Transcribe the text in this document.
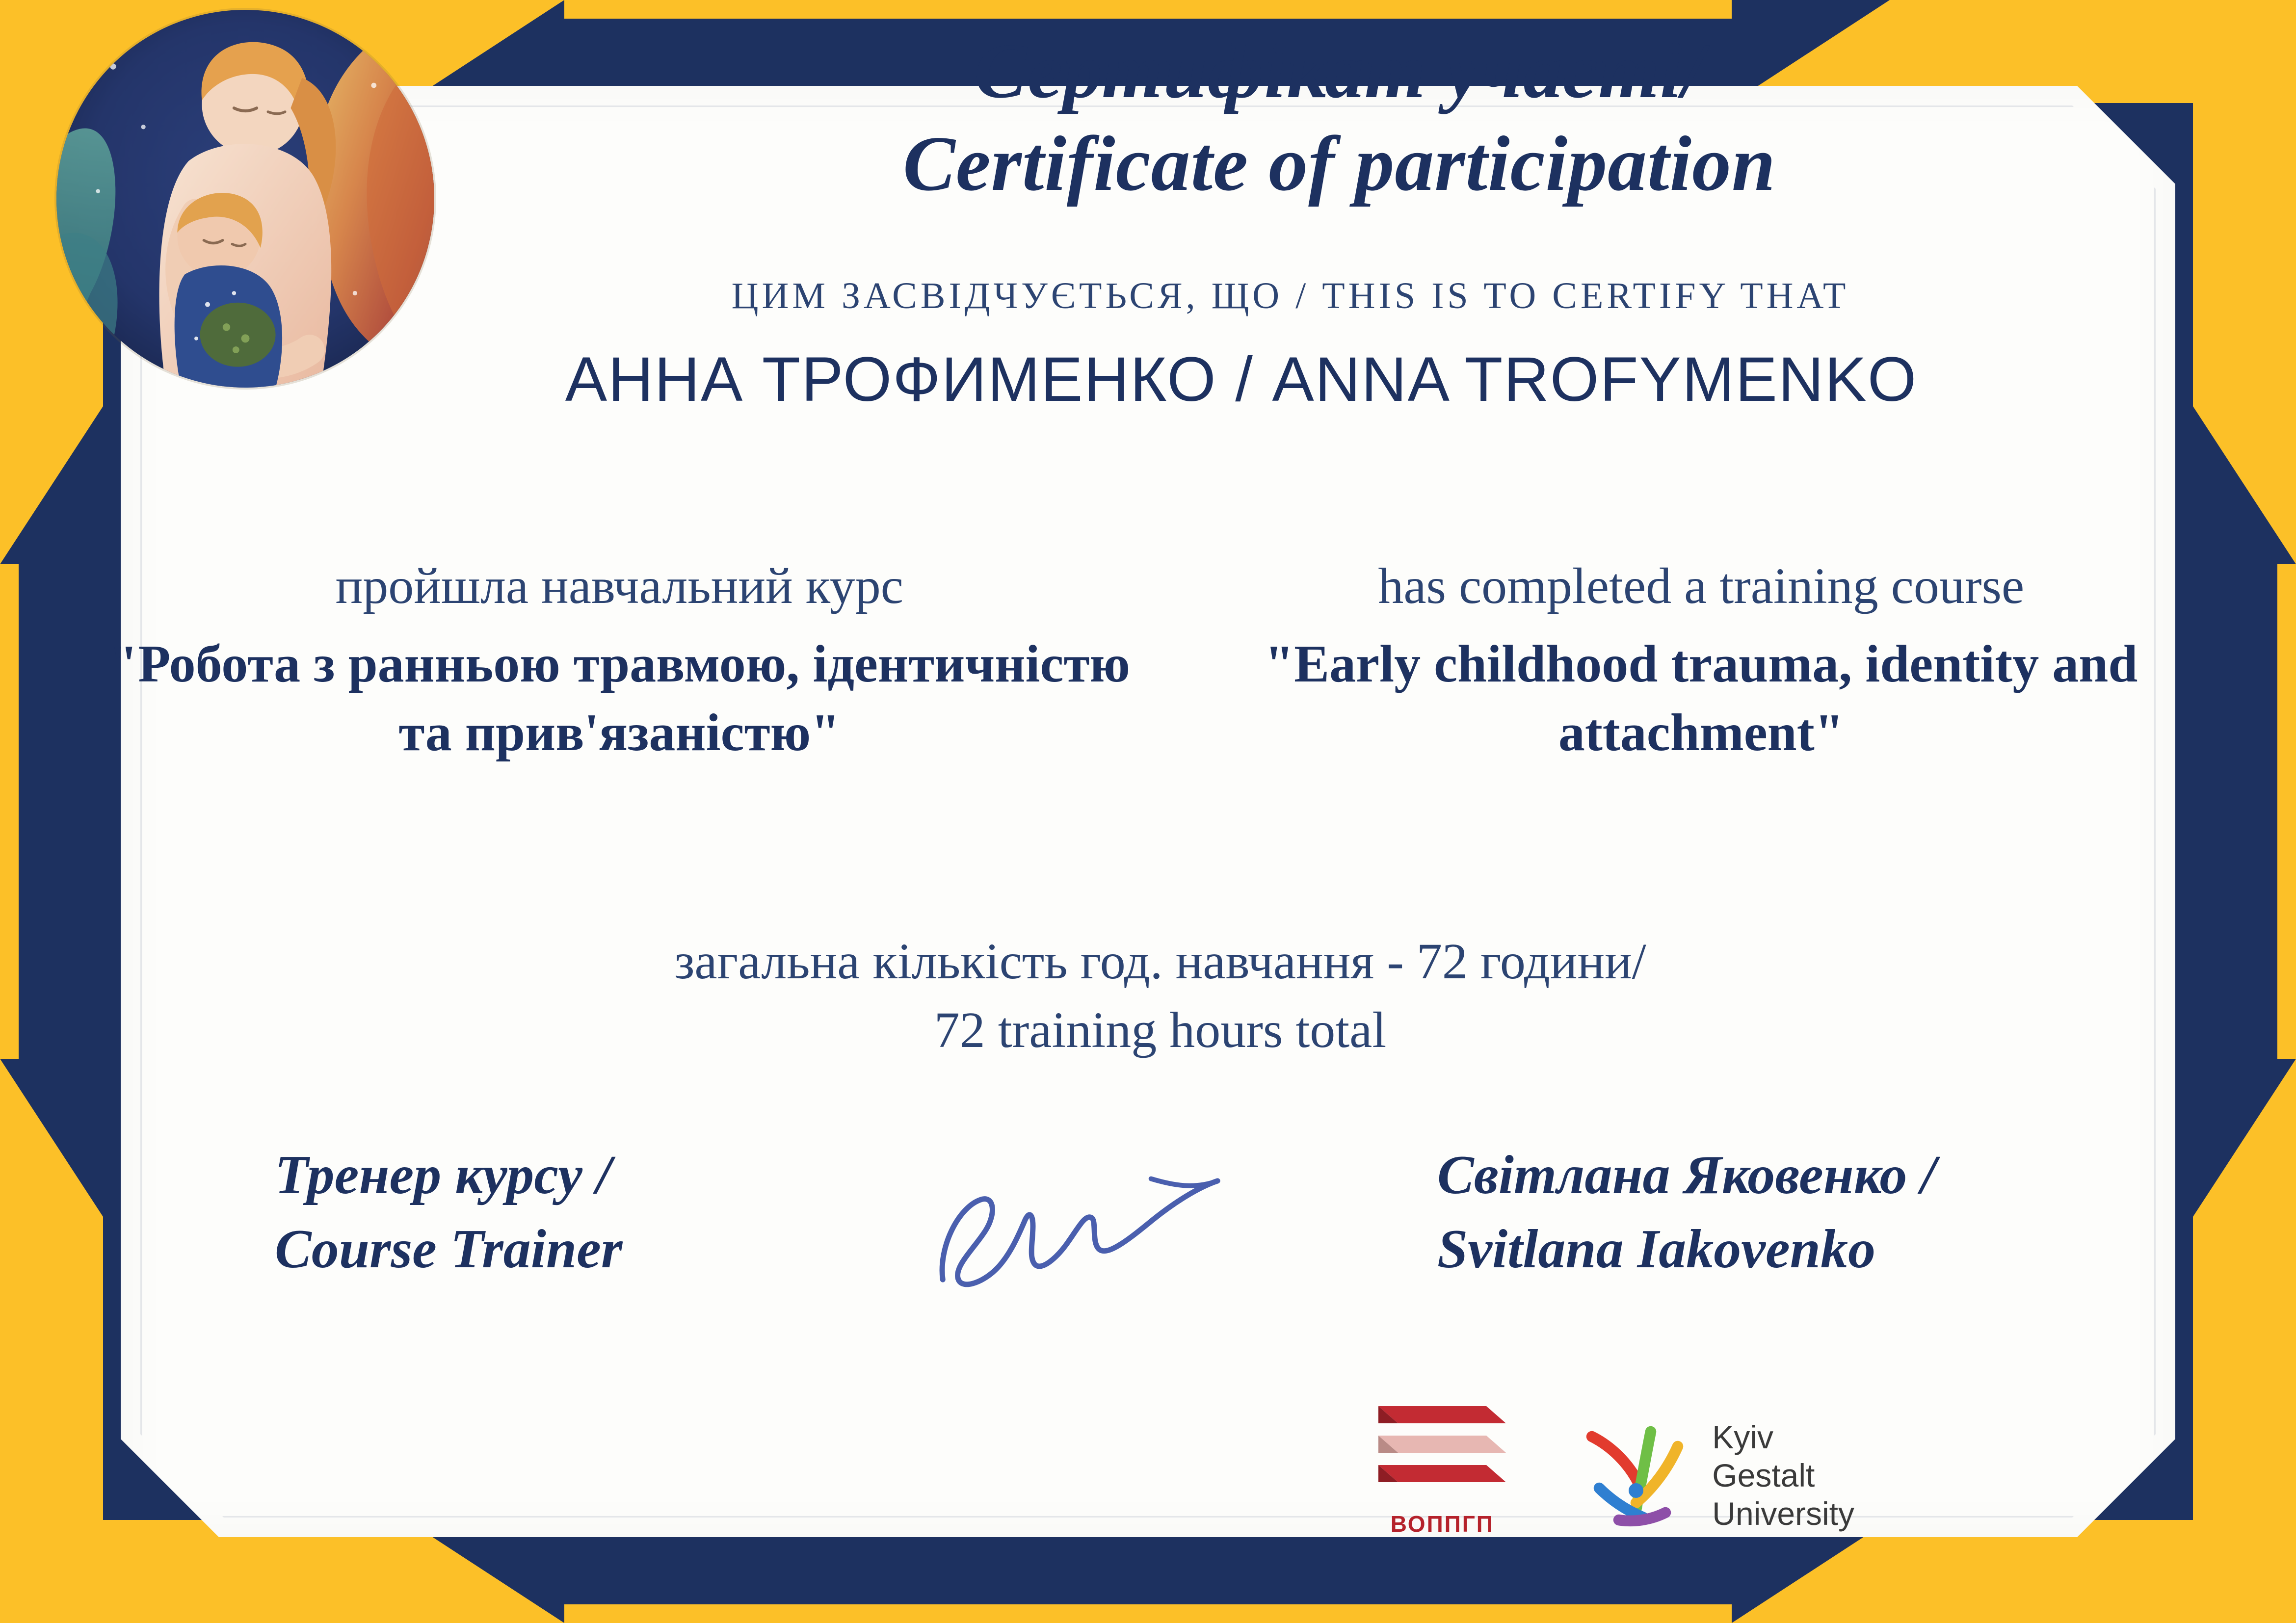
Сертифікат участі/
Certificate of participation
ЦИМ ЗАСВІДЧУЄТЬСЯ, ЩО / THIS IS TO CERTIFY THAT
АННА ТРОФИМЕНКО / ANNA TROFYMENKO
пройшла навчальний курс
"Робота з ранньою травмою, ідентичністю та прив'язаністю"
has completed a training course
"Early childhood trauma, identity and attachment"
загальна кількість год. навчання - 72 години/
72 training hours total
Тренер курсу /
Course Trainer
Світлана Яковенко /
Svitlana Iakovenko
ВОППГП
Kyiv
Gestalt
University
